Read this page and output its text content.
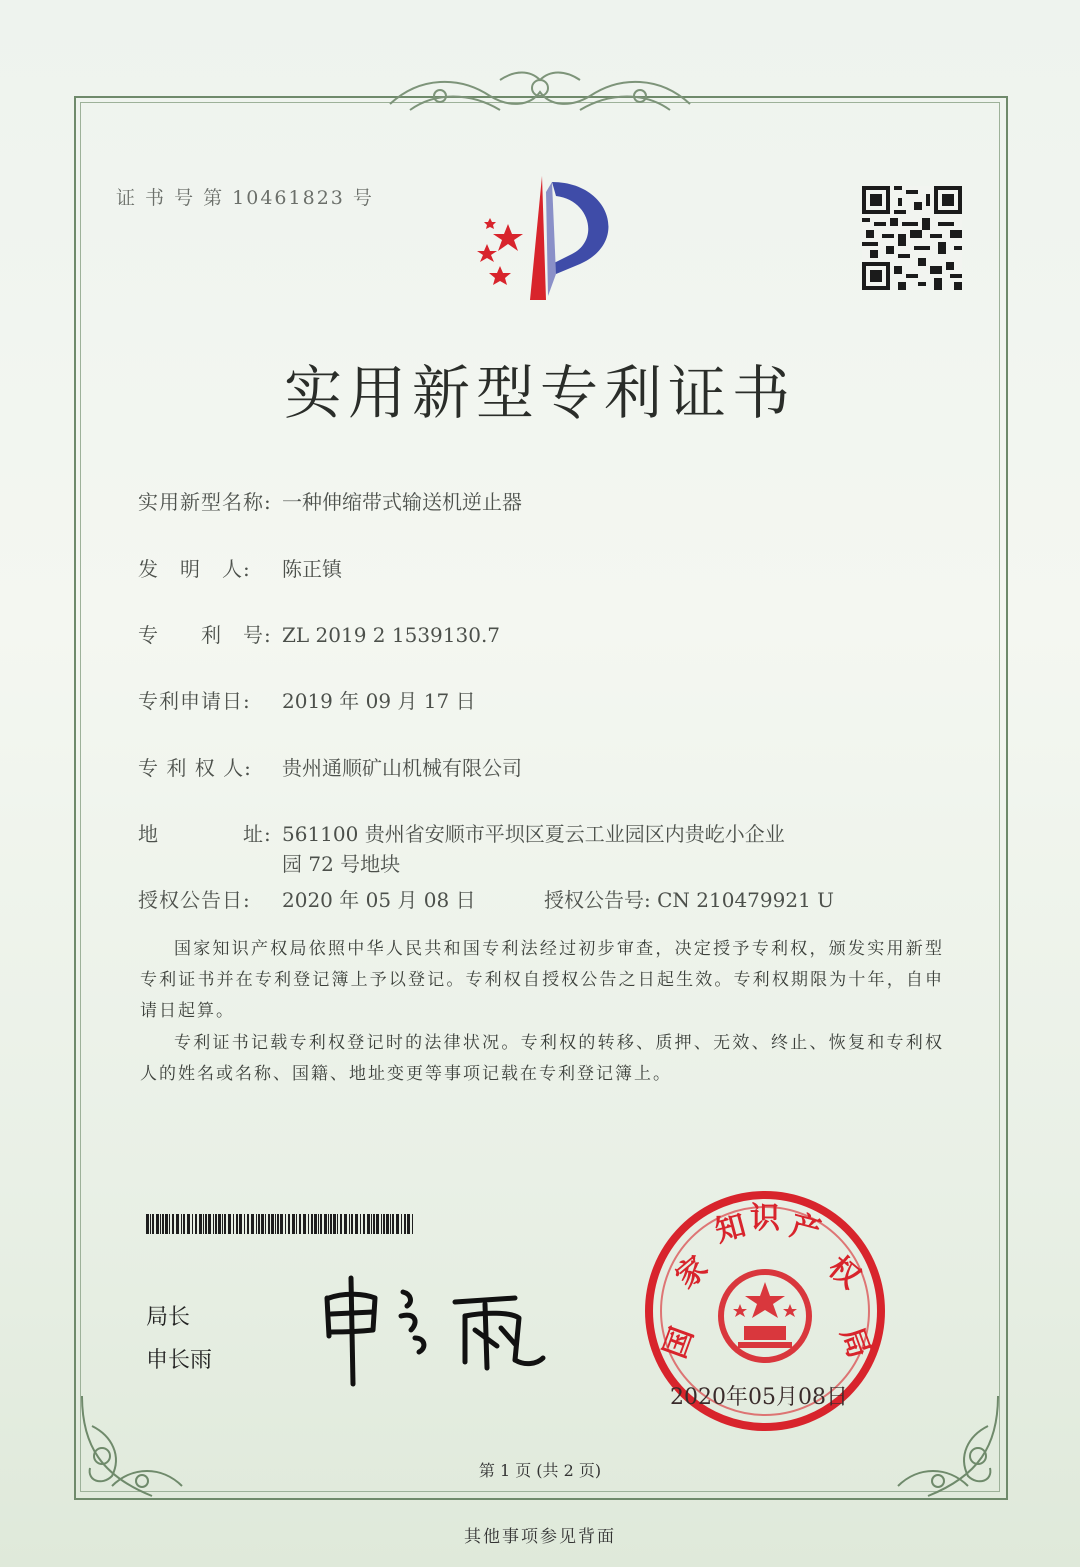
证 书 号 第 10461823 号
实用新型专利证书
实用新型名称: 一种伸缩带式输送机逆止器
发　明　人: 陈正镇
专　　利　号: ZL 2019 2 1539130.7
专利申请日: 2019 年 09 月 17 日
专 利 权 人: 贵州通顺矿山机械有限公司
地　　　　址: 561100 贵州省安顺市平坝区夏云工业园区内贵屹小企业
园 72 号地块
授权公告日: 2020 年 05 月 08 日	授权公告号: CN 210479921 U
国家知识产权局依照中华人民共和国专利法经过初步审查，决定授予专利权，颁发实用新型专利证书并在专利登记簿上予以登记。专利权自授权公告之日起生效。专利权期限为十年，自申请日起算。
专利证书记载专利权登记时的法律状况。专利权的转移、质押、无效、终止、恢复和专利权人的姓名或名称、国籍、地址变更等事项记载在专利登记簿上。
局长
申长雨	国
家
知 识 产
权
局
2020年05月08日
第 1 页 (共 2 页)
其他事项参见背面
